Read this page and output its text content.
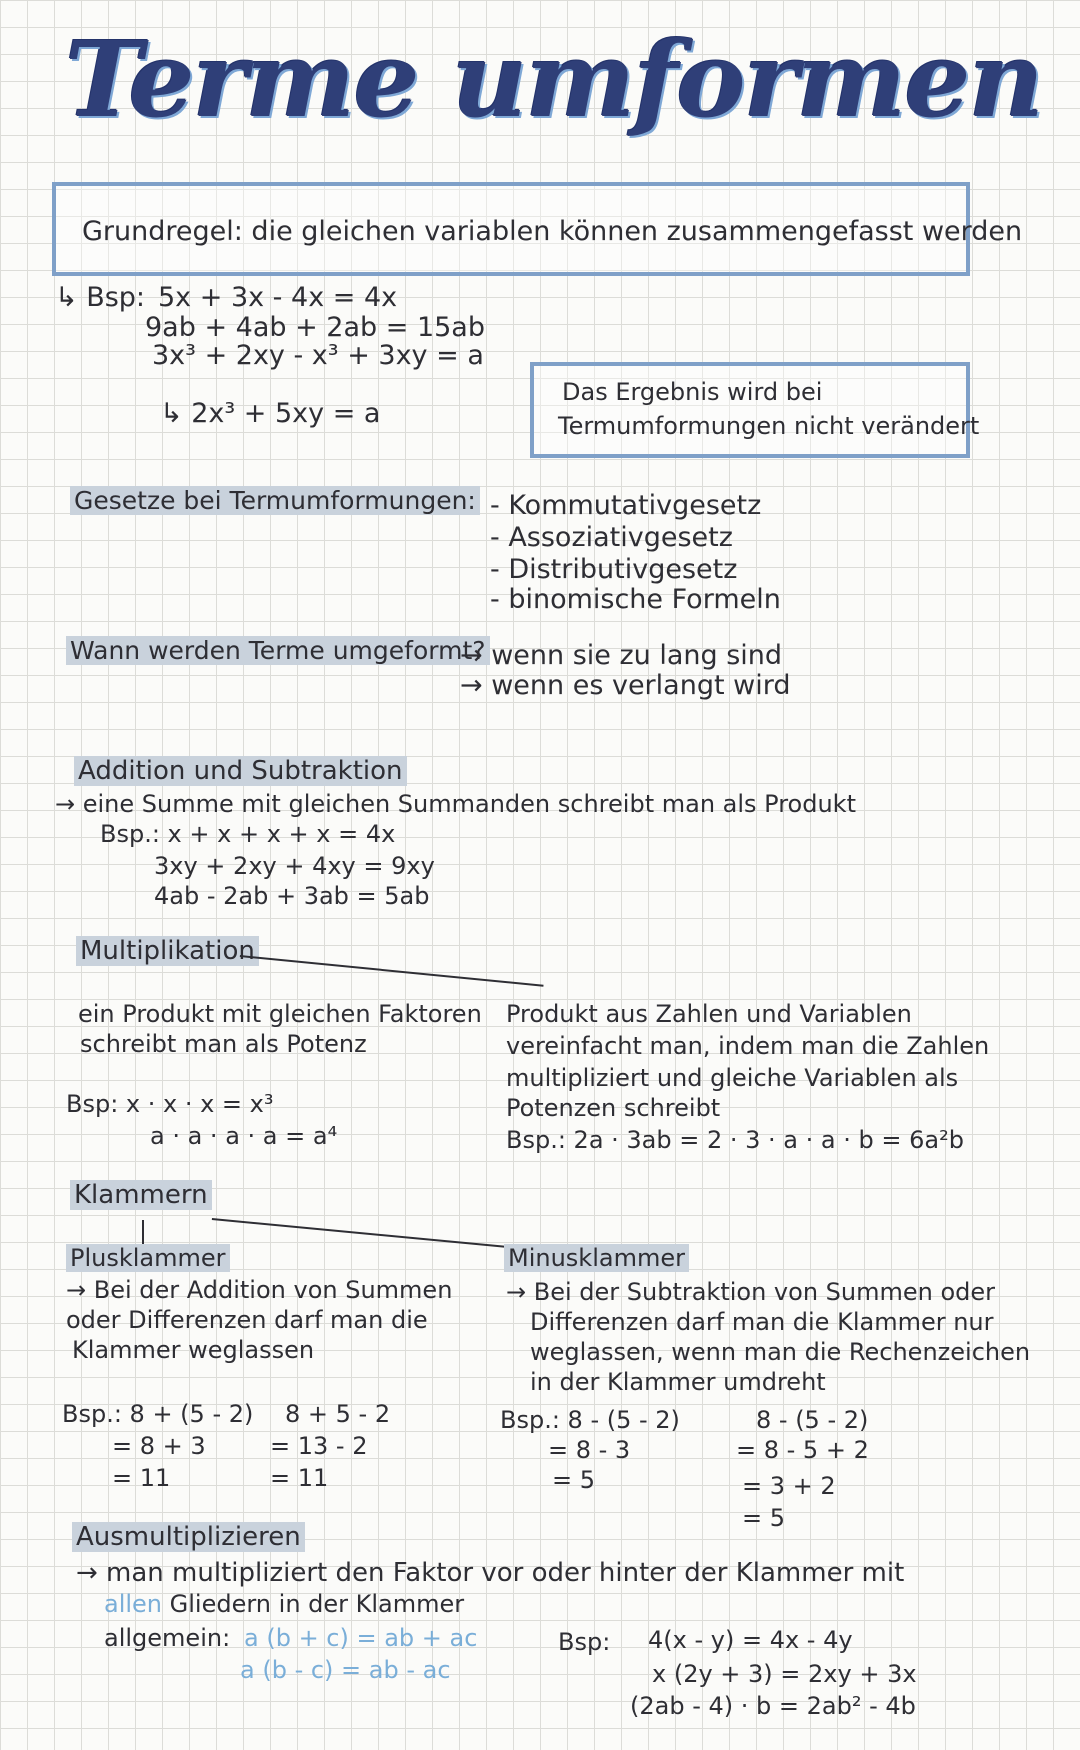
Terme umformen
Grundregel: die gleichen variablen können zusammengefasst werden
↳ Bsp: 5x + 3x - 4x = 4x
9ab + 4ab + 2ab = 15ab
3x³ + 2xy - x³ + 3xy = a
↳ 2x³ + 5xy = a
Das Ergebnis wird bei
Termumformungen nicht verändert
Gesetze bei Termumformungen: - Kommutativgesetz
- Assoziativgesetz
- Distributivgesetz
- binomische Formeln
Wann werden Terme umgeformt?
→ wenn sie zu lang sind
→ wenn es verlangt wird
Addition und Subtraktion
→ eine Summe mit gleichen Summanden schreibt man als Produkt
Bsp.: x + x + x + x = 4x
3xy + 2xy + 4xy = 9xy
4ab - 2ab + 3ab = 5ab
Multiplikation
ein Produkt mit gleichen Faktoren
schreibt man als Potenz
Bsp: x · x · x = x³
a · a · a · a = a⁴
Produkt aus Zahlen und Variablen
vereinfacht man, indem man die Zahlen
multipliziert und gleiche Variablen als
Potenzen schreibt
Bsp.: 2a · 3ab = 2 · 3 · a · a · b = 6a²b
Klammern
Plusklammer
→ Bei der Addition von Summen
oder Differenzen darf man die
Klammer weglassen
Bsp.: 8 + (5 - 2)
= 8 + 3
= 11
8 + 5 - 2
= 13 - 2
= 11
Minusklammer
→ Bei der Subtraktion von Summen oder
Differenzen darf man die Klammer nur
weglassen, wenn man die Rechenzeichen
in der Klammer umdreht
Bsp.: 8 - (5 - 2)
= 8 - 3
= 5
8 - (5 - 2)
= 8 - 5 + 2
= 3 + 2
= 5
Ausmultiplizieren
→ man multipliziert den Faktor vor oder hinter der Klammer mit
allen Gliedern in der Klammer
allgemein: a (b + c) = ab + ac
a (b - c) = ab - ac
Bsp: 4(x - y) = 4x - 4y
x (2y + 3) = 2xy + 3x
(2ab - 4) · b = 2ab² - 4b
